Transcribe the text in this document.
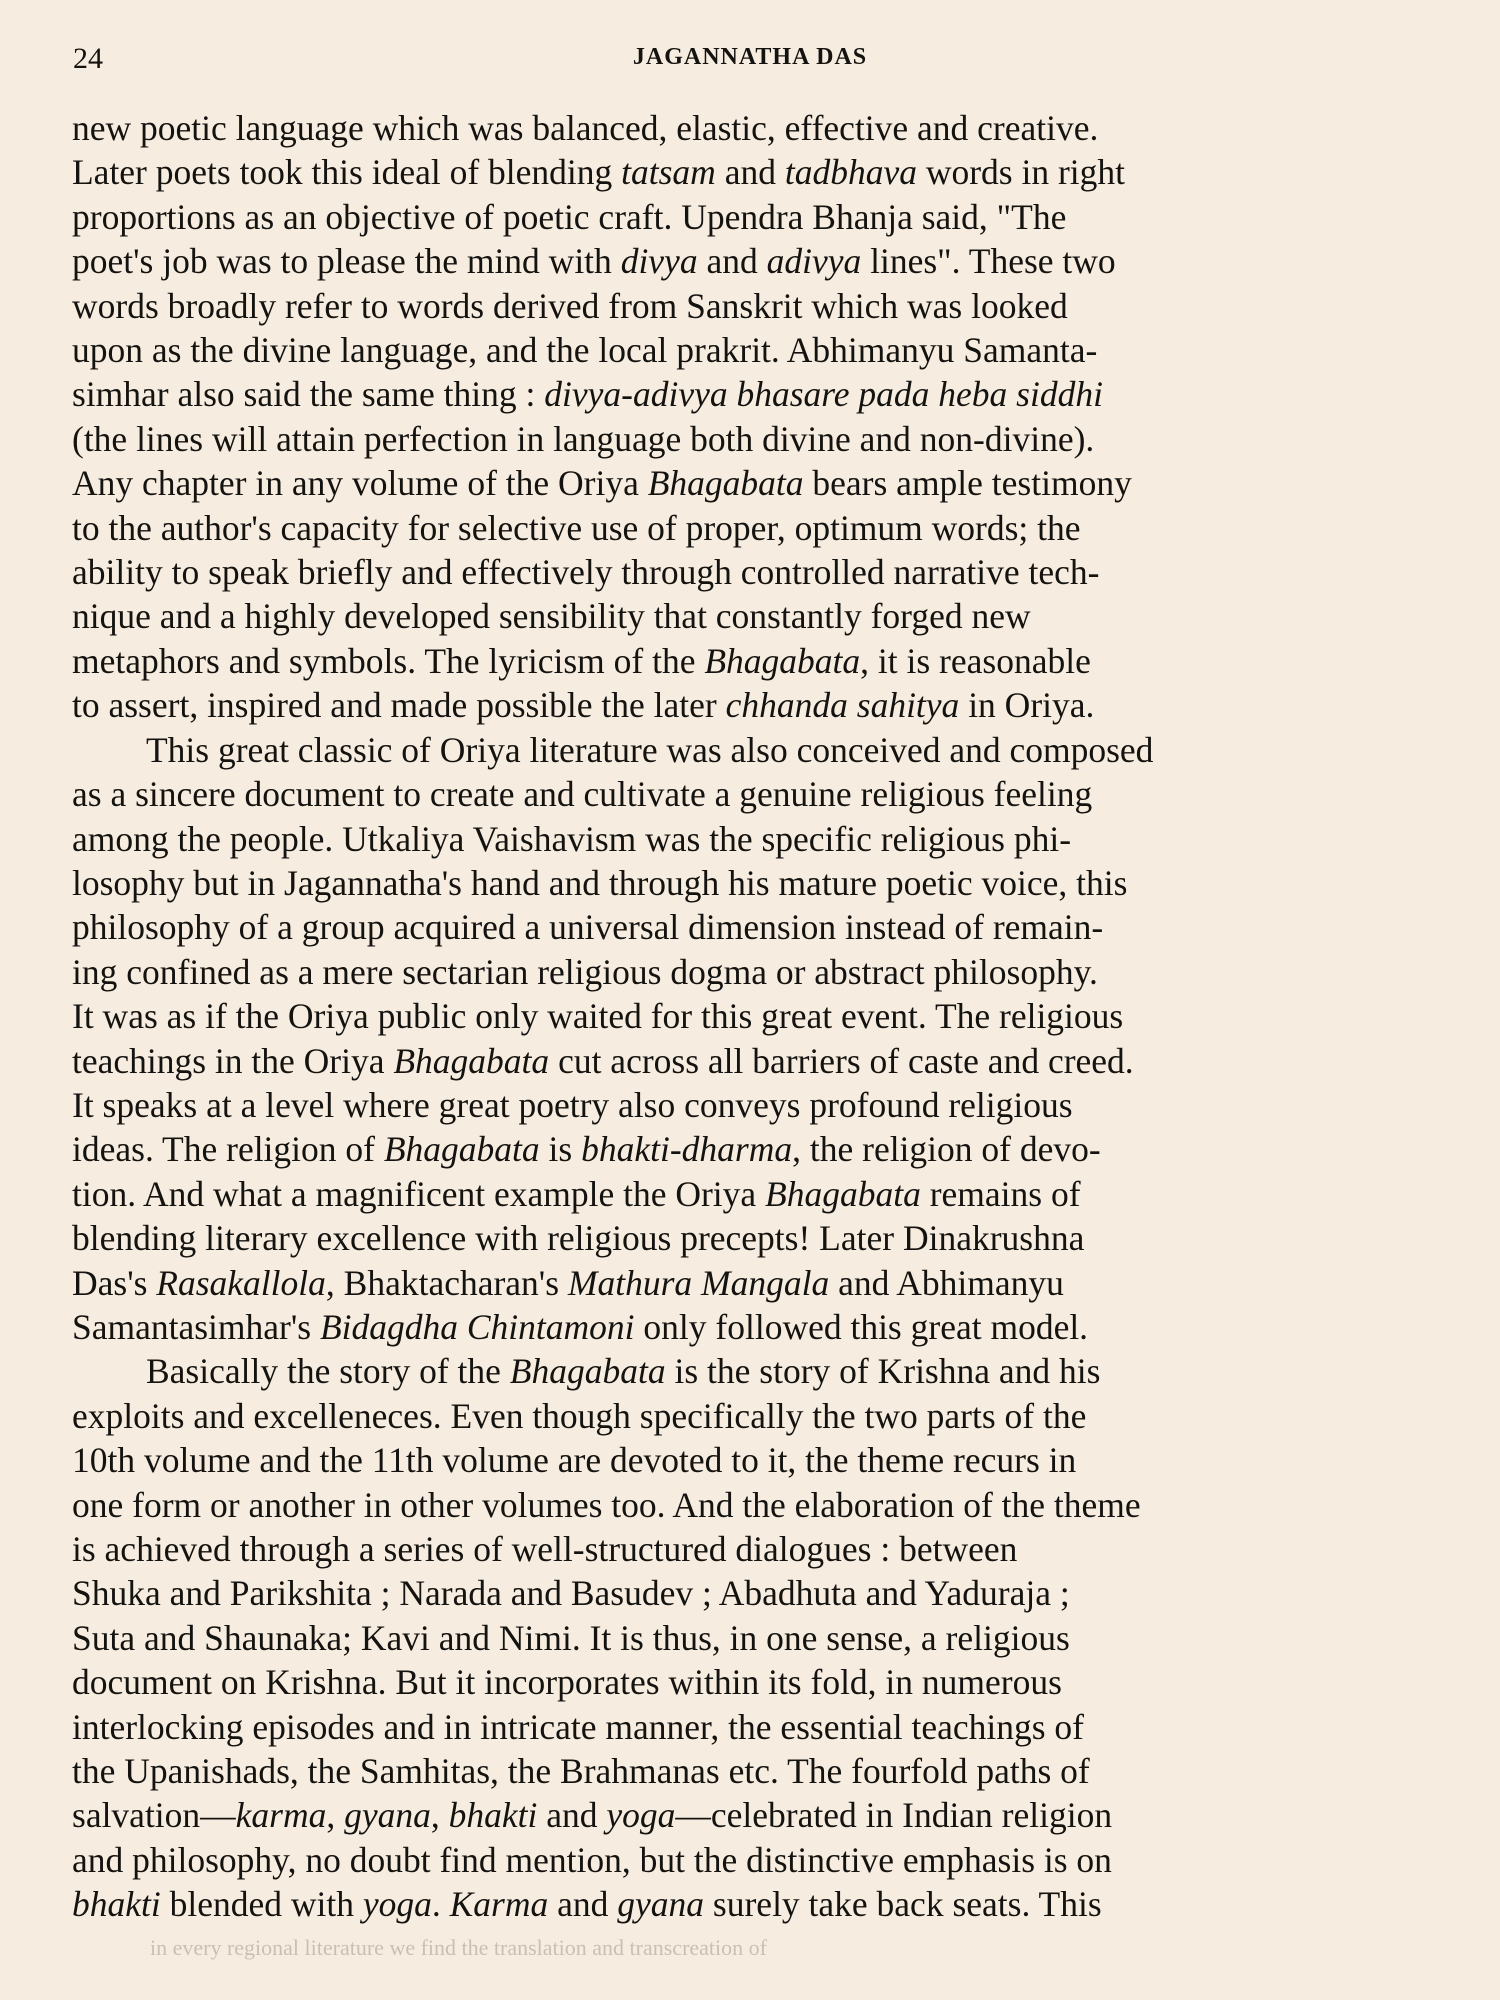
24	JAGANNATHA DAS
new poetic language which was balanced, elastic, effective and creative.
Later poets took this ideal of blending tatsam and tadbhava words in right
proportions as an objective of poetic craft. Upendra Bhanja said, "The
poet's job was to please the mind with divya and adivya lines". These two
words broadly refer to words derived from Sanskrit which was looked
upon as the divine language, and the local prakrit. Abhimanyu Samanta-
simhar also said the same thing : divya-adivya bhasare pada heba siddhi
(the lines will attain perfection in language both divine and non-divine).
Any chapter in any volume of the Oriya Bhagabata bears ample testimony
to the author's capacity for selective use of proper, optimum words; the
ability to speak briefly and effectively through controlled narrative tech-
nique and a highly developed sensibility that constantly forged new
metaphors and symbols. The lyricism of the Bhagabata, it is reasonable
to assert, inspired and made possible the later chhanda sahitya in Oriya.
This great classic of Oriya literature was also conceived and composed
as a sincere document to create and cultivate a genuine religious feeling
among the people. Utkaliya Vaishavism was the specific religious phi-
losophy but in Jagannatha's hand and through his mature poetic voice, this
philosophy of a group acquired a universal dimension instead of remain-
ing confined as a mere sectarian religious dogma or abstract philosophy.
It was as if the Oriya public only waited for this great event. The religious
teachings in the Oriya Bhagabata cut across all barriers of caste and creed.
It speaks at a level where great poetry also conveys profound religious
ideas. The religion of Bhagabata is bhakti-dharma, the religion of devo-
tion. And what a magnificent example the Oriya Bhagabata remains of
blending literary excellence with religious precepts! Later Dinakrushna
Das's Rasakallola, Bhaktacharan's Mathura Mangala and Abhimanyu
Samantasimhar's Bidagdha Chintamoni only followed this great model.
Basically the story of the Bhagabata is the story of Krishna and his
exploits and excelleneces. Even though specifically the two parts of the
10th volume and the 11th volume are devoted to it, the theme recurs in
one form or another in other volumes too. And the elaboration of the theme
is achieved through a series of well-structured dialogues : between
Shuka and Parikshita ; Narada and Basudev ; Abadhuta and Yaduraja ;
Suta and Shaunaka; Kavi and Nimi. It is thus, in one sense, a religious
document on Krishna. But it incorporates within its fold, in numerous
interlocking episodes and in intricate manner, the essential teachings of
the Upanishads, the Samhitas, the Brahmanas etc. The fourfold paths of
salvation—karma, gyana, bhakti and yoga—celebrated in Indian religion
and philosophy, no doubt find mention, but the distinctive emphasis is on
bhakti blended with yoga. Karma and gyana surely take back seats. This
in every regional literature we find the translation and transcreation of
